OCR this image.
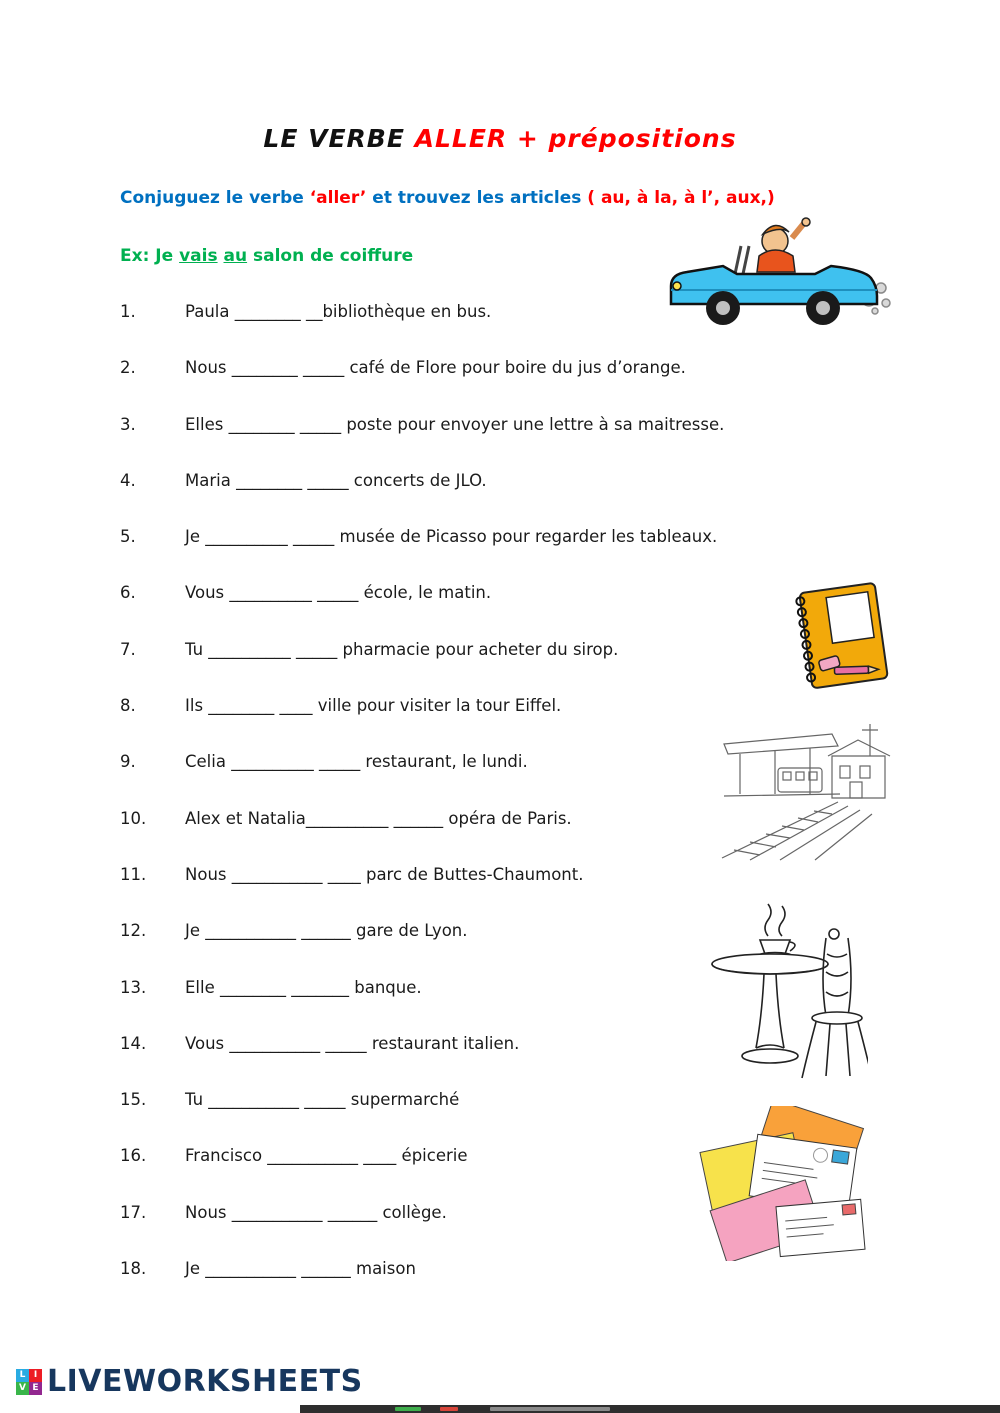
LE VERBE ALLER + prépositions
Conjuguez le verbe ‘aller’ et trouvez les articles ( au, à la, à l’, aux,)
Ex: Je vais au salon de coiffure
1.	Paula ________ __bibliothèque en bus.
2.	Nous ________ _____ café de Flore pour boire du jus d’orange.
3.	Elles ________ _____ poste pour envoyer une lettre à sa maitresse.
4.	Maria ________ _____ concerts de JLO.
5.	Je __________ _____ musée de Picasso pour regarder les tableaux.
6.	Vous __________ _____ école, le matin.
7.	Tu __________ _____ pharmacie pour acheter du sirop.
8.	Ils ________ ____ ville pour visiter la tour Eiffel.
9.	Celia __________ _____ restaurant, le lundi.
10.	Alex et Natalia__________ ______ opéra de Paris.
11.	Nous ___________ ____ parc de Buttes-Chaumont.
12.	Je ___________ ______ gare de Lyon.
13.	Elle ________ _______ banque.
14.	Vous ___________ _____ restaurant italien.
15.	Tu ___________ _____ supermarché
16.	Francisco ___________ ____ épicerie
17.	Nous ___________ ______ collège.
18.	Je ___________ ______ maison
L I
V E LIVEWORKSHEETS
